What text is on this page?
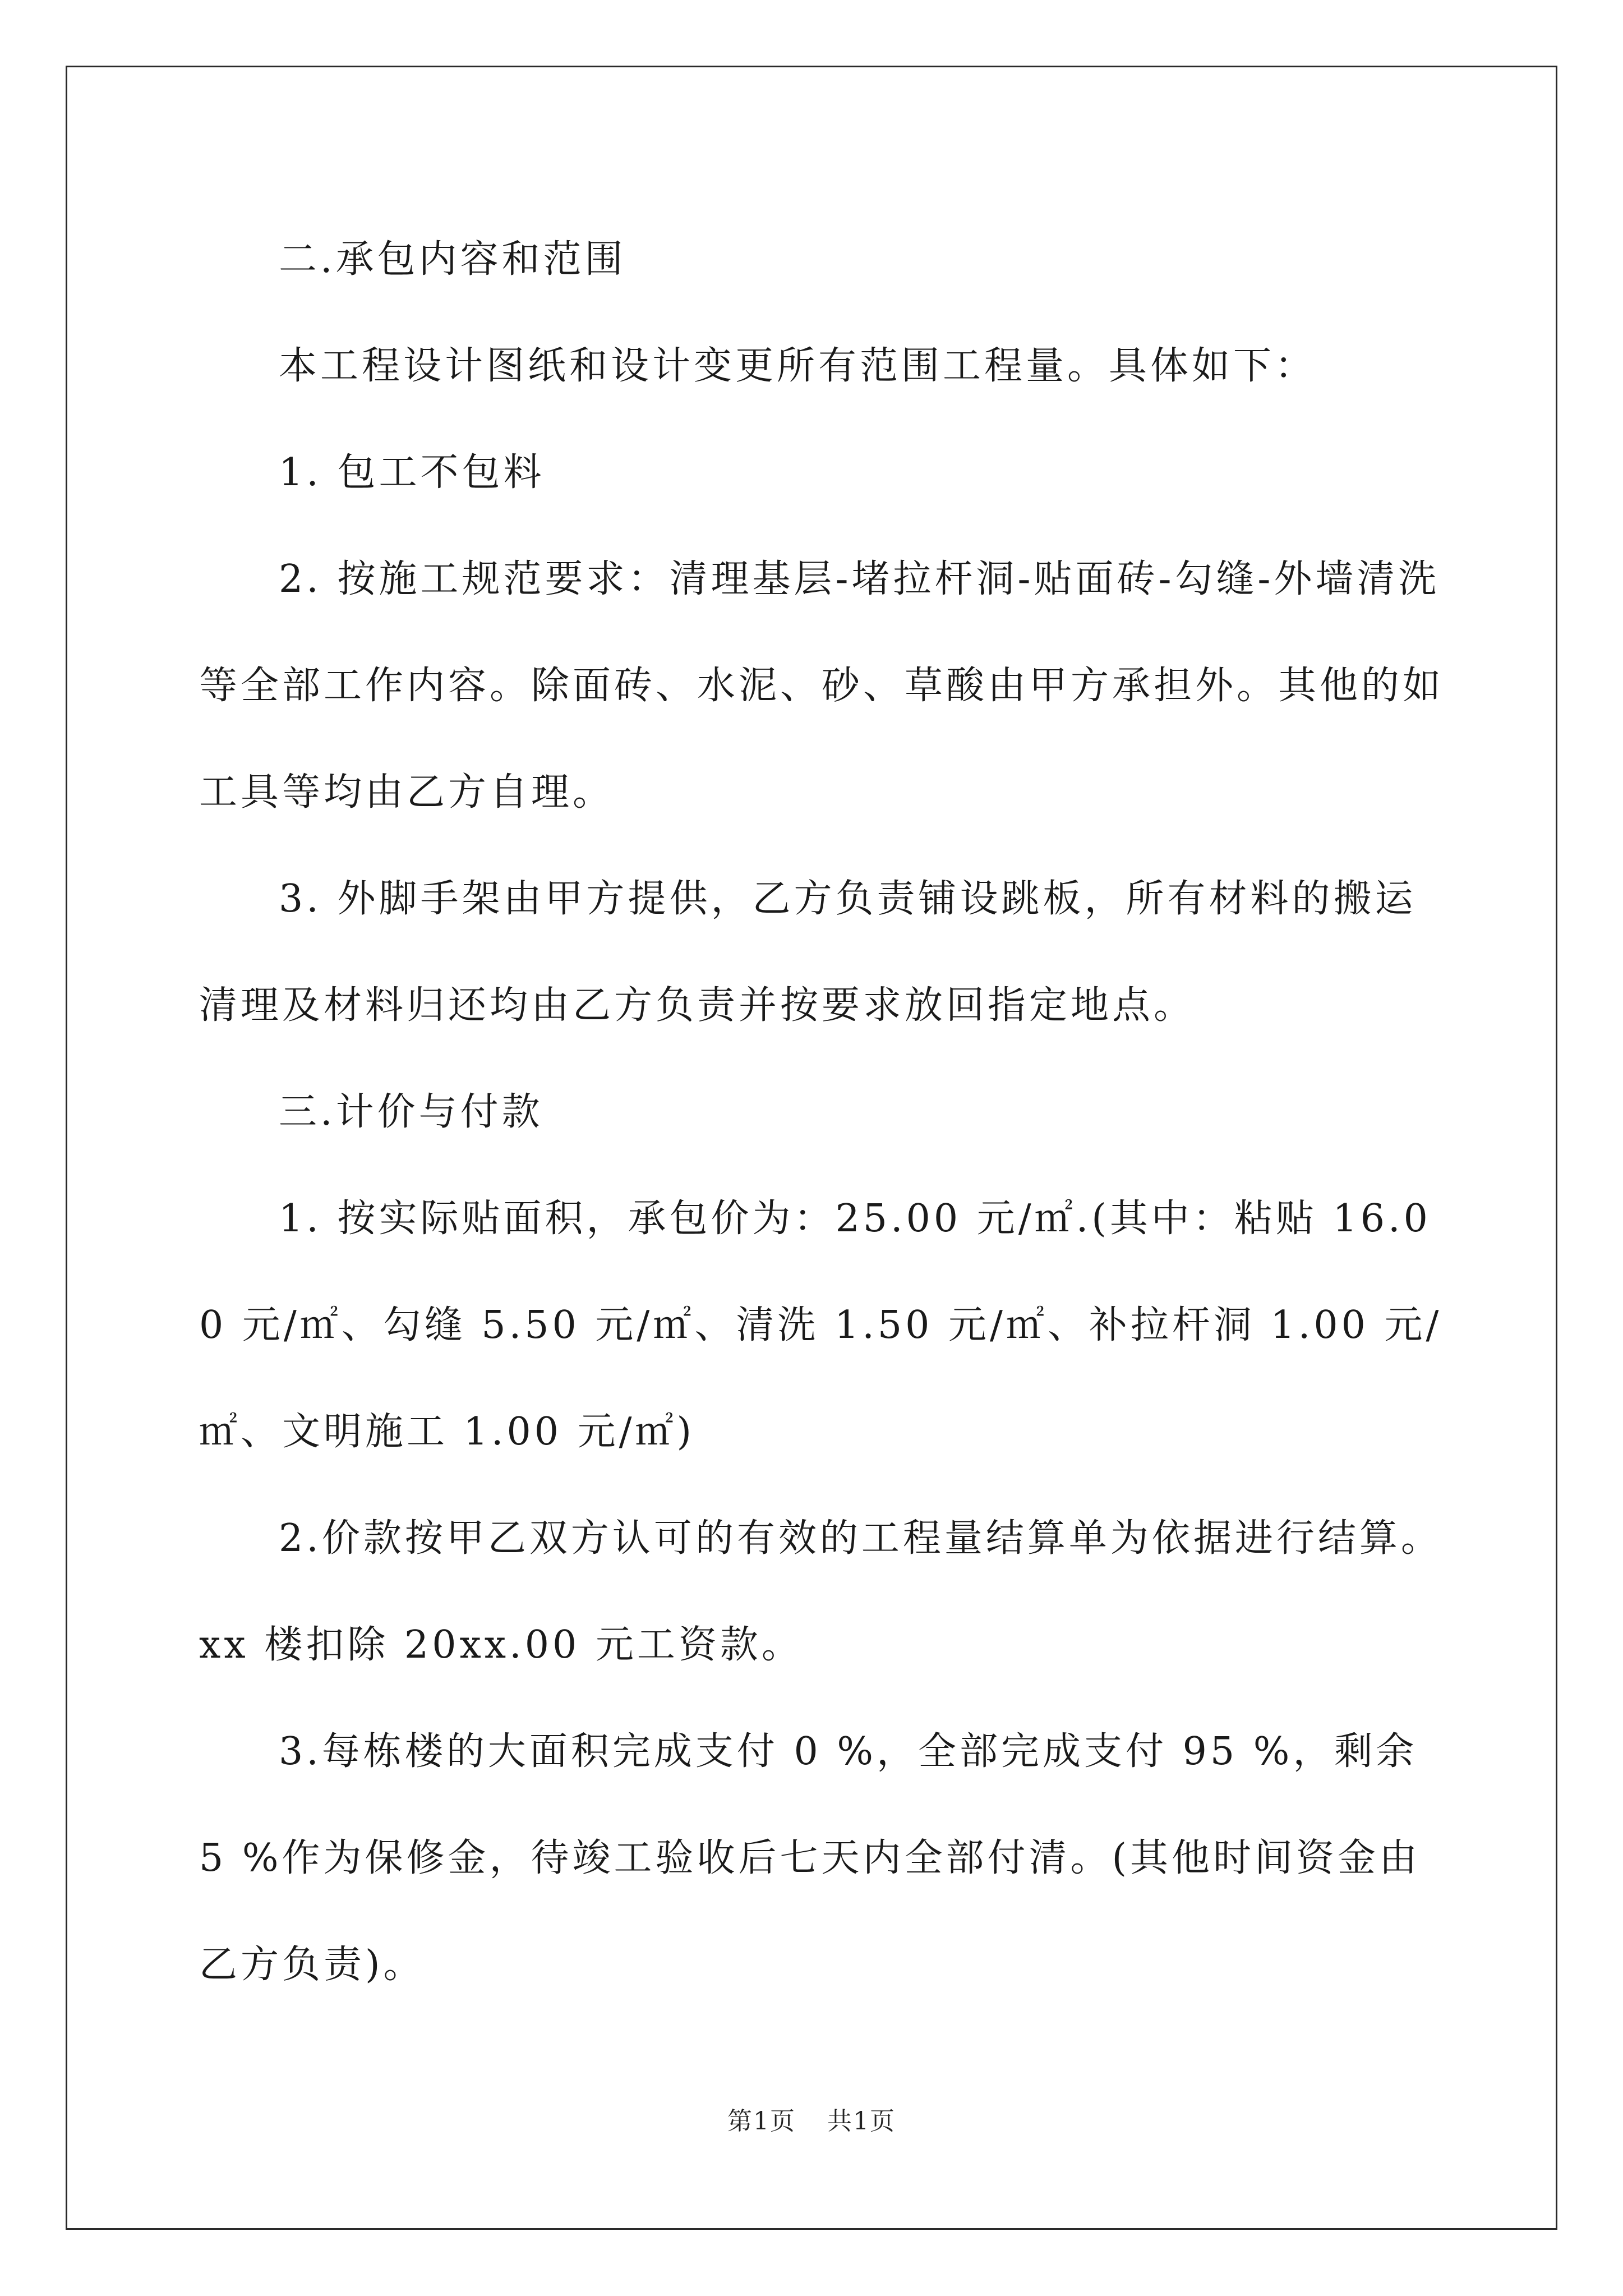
二.承包内容和范围

本工程设计图纸和设计变更所有范围工程量。具体如下：

1. 包工不包料

2. 按施工规范要求：清理基层-堵拉杆洞-贴面砖-勾缝-外墙清洗等全部工作内容。除面砖、水泥、砂、草酸由甲方承担外。其他的如工具等均由乙方自理。

3. 外脚手架由甲方提供，乙方负责铺设跳板，所有材料的搬运清理及材料归还均由乙方负责并按要求放回指定地点。

三.计价与付款

1. 按实际贴面积，承包价为：25.00 元/㎡.(其中：粘贴 16.00 元/㎡、勾缝 5.50 元/㎡、清洗 1.50 元/㎡、补拉杆洞 1.00 元/㎡、文明施工 1.00 元/㎡)

2.价款按甲乙双方认可的有效的工程量结算单为依据进行结算。xx 楼扣除 20xx.00 元工资款。

3.每栋楼的大面积完成支付 0 %，全部完成支付 95 %，剩余 5 %作为保修金，待竣工验收后七天内全部付清。(其他时间资金由乙方负责)。

第1页 共1页
